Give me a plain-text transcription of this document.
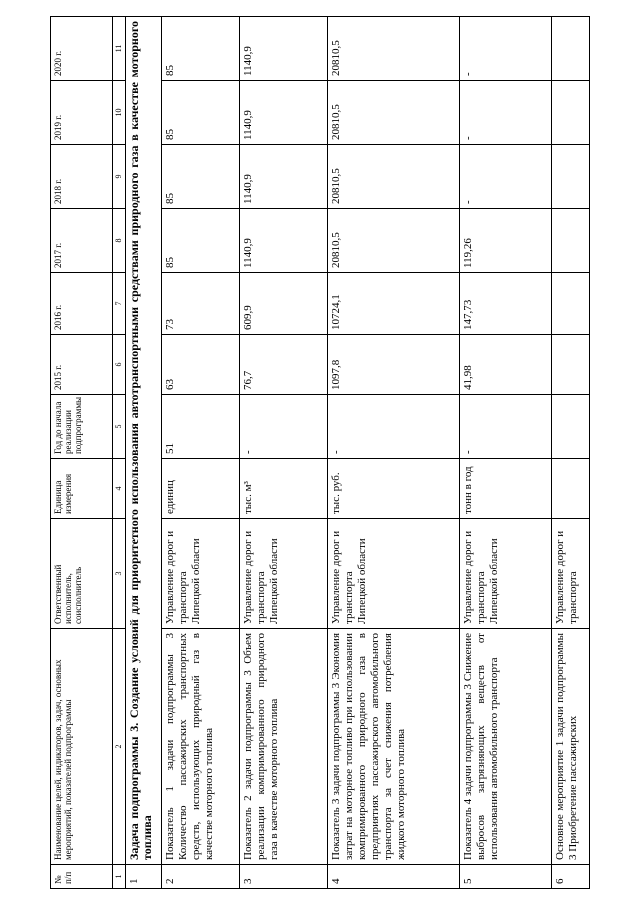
№ п/п	Наименование целей, индикаторов, задач, основных мероприятий, показателей подпрограммы	Ответственный исполнитель, соисполнитель	Единица измерения	Год до начала реализации подпрограммы	2015 г.	2016 г.	2017 г.	2018 г.	2019 г.	2020 г.
1	2	3	4	5	6	7	8	9	10	11
1	Задача подпрограммы 3. Создание условий для приоритетного использования автотранспортными средствами природного газа в качестве моторного топлива									
2	Показатель 1 задачи подпрограммы 3 Количество пассажирских транспортных средств, использующих природный газ в качестве моторного топлива	Управление дорог и транспорта Липецкой области	единиц	51	63	73	85	85	85	85
3	Показатель 2 задачи подпрограммы 3 Объем реализации компримированного природного газа в качестве моторного топлива	Управление дорог и транспорта Липецкой области	тыс. м³	-	76,7	609,9	1140,9	1140,9	1140,9	1140,9
4	Показатель 3 задачи подпрограммы 3 Экономия затрат на моторное топливо при использовании компримированного природного газа в предприятиях пассажирского автомобильного транспорта за счет снижения потребления жидкого моторного топлива	Управление дорог и транспорта Липецкой области	тыс. руб.	-	1097,8	10724,1	20810,5	20810,5	20810,5	20810,5
5	Показатель 4 задачи подпрограммы 3 Снижение выбросов загрязняющих веществ от использования автомобильного транспорта	Управление дорог и транспорта Липецкой области	тонн в год	-	41,98	147,73	119,26	-	-	-
6	Основное мероприятие 1 задачи подпрограммы 3 Приобретение пассажирских	Управление дорог и транспорта								
